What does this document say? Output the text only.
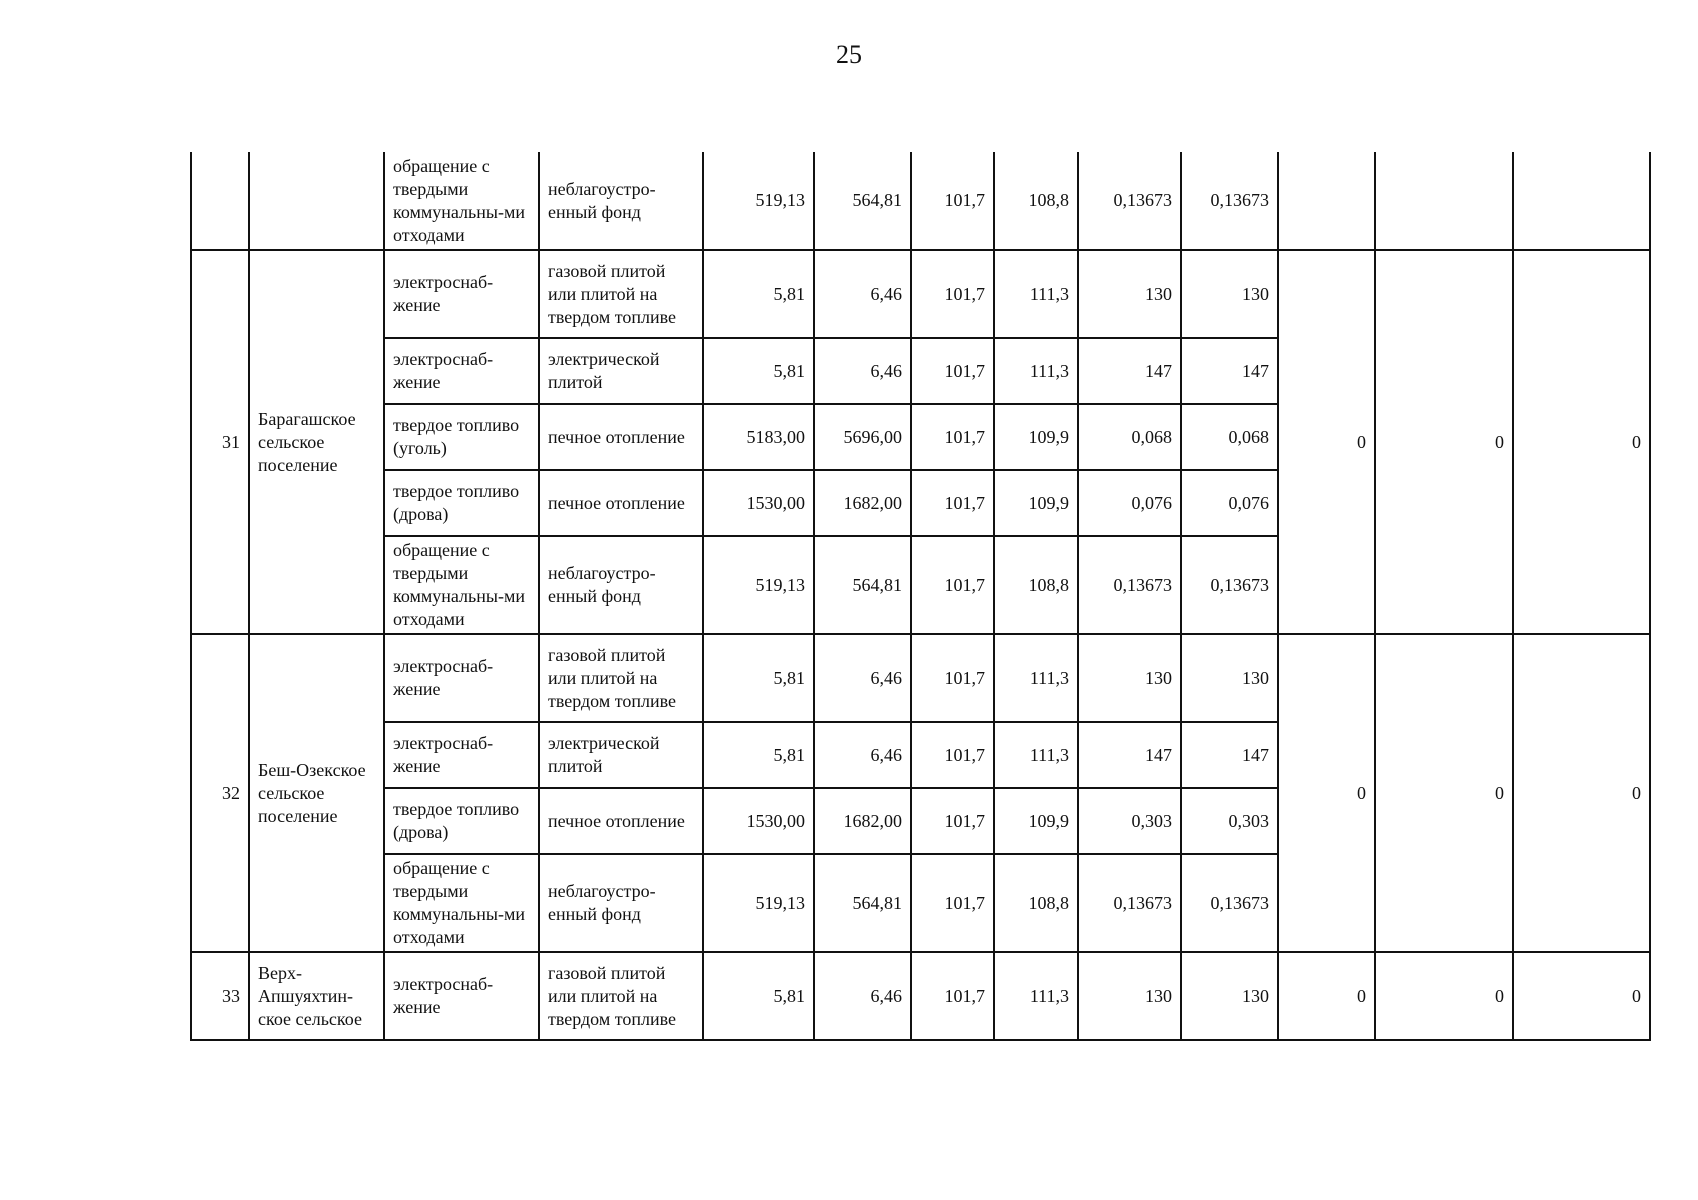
25
		обращение с твердыми коммунальны-ми отходами	неблагоустро-енный фонд	519,13	564,81	101,7	108,8	0,13673	0,13673			
31	Барагашское сельское поселение	электроснаб-жение	газовой плитой или плитой на твердом топливе	5,81	6,46	101,7	111,3	130	130	0	0	0
		электроснаб-жение	электрической плитой	5,81	6,46	101,7	111,3	147	147			
		твердое топливо (уголь)	печное отопление	5183,00	5696,00	101,7	109,9	0,068	0,068			
		твердое топливо (дрова)	печное отопление	1530,00	1682,00	101,7	109,9	0,076	0,076			
		обращение с твердыми коммунальны-ми отходами	неблагоустро-енный фонд	519,13	564,81	101,7	108,8	0,13673	0,13673			
32	Беш-Озекское сельское поселение	электроснаб-жение	газовой плитой или плитой на твердом топливе	5,81	6,46	101,7	111,3	130	130	0	0	0
		электроснаб-жение	электрической плитой	5,81	6,46	101,7	111,3	147	147			
		твердое топливо (дрова)	печное отопление	1530,00	1682,00	101,7	109,9	0,303	0,303			
		обращение с твердыми коммунальны-ми отходами	неблагоустро-енный фонд	519,13	564,81	101,7	108,8	0,13673	0,13673			
33	Верх-Апшуяхтин-ское сельское	электроснаб-жение	газовой плитой или плитой на твердом топливе	5,81	6,46	101,7	111,3	130	130	0	0	0
